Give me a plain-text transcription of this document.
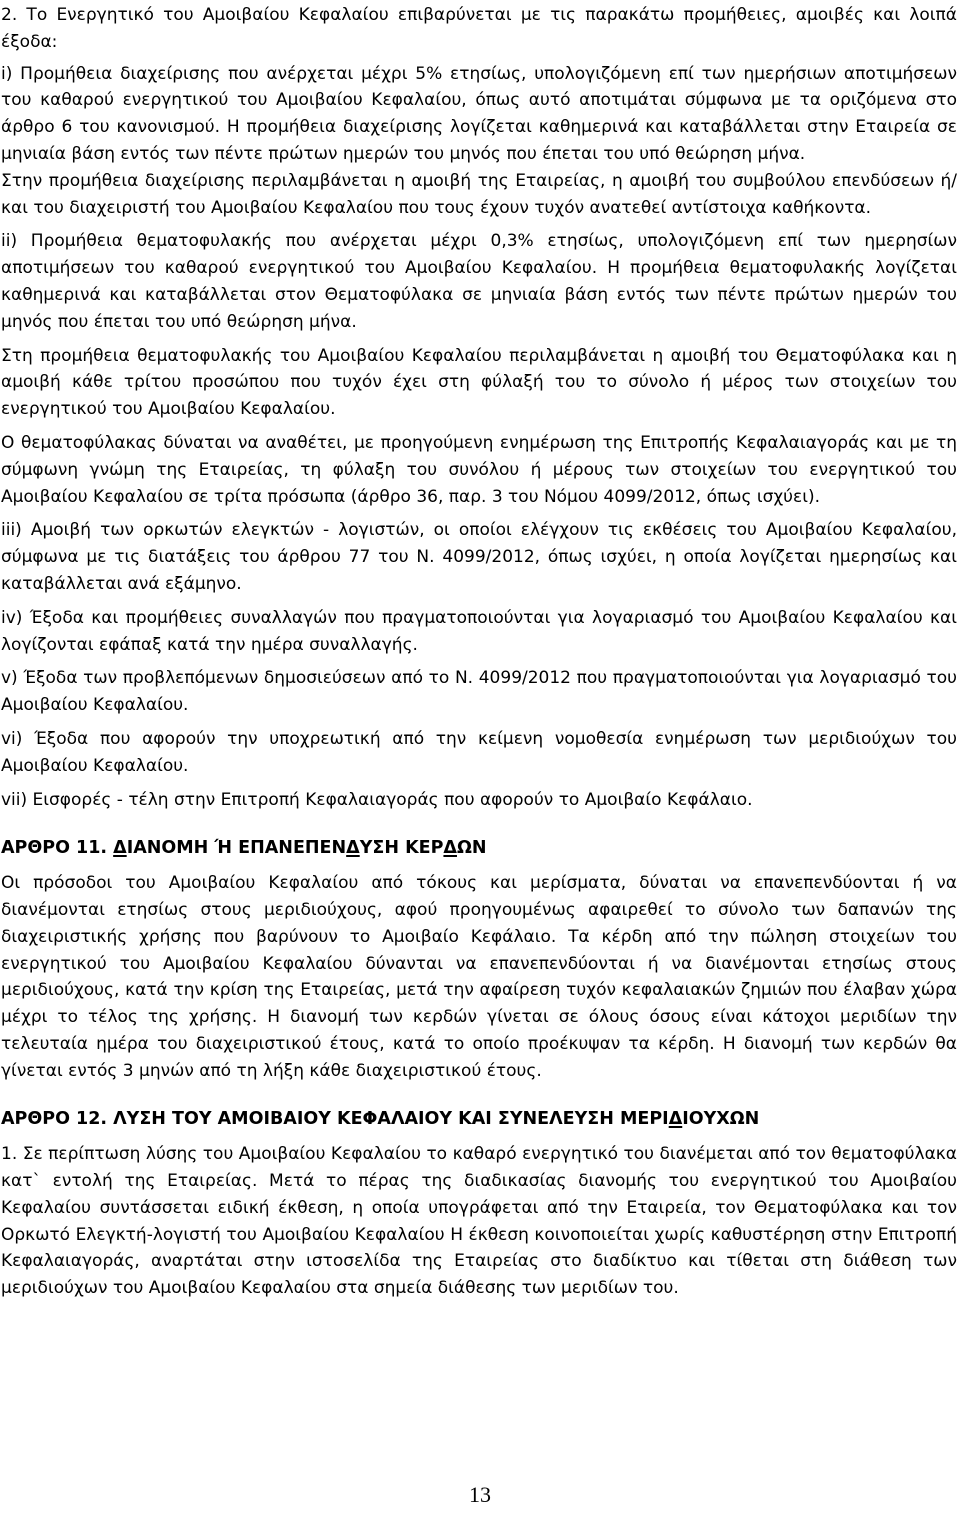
2. Το Ενεργητικό του Αμοιβαίου Κεφαλαίου επιβαρύνεται με τις παρακάτω προμήθειες, αμοιβές και λοιπά έξοδα:

i) Προμήθεια διαχείρισης που ανέρχεται μέχρι 5% ετησίως, υπολογιζόμενη επί των ημερήσιων αποτιμήσεων του καθαρού ενεργητικού του Αμοιβαίου Κεφαλαίου, όπως αυτό αποτιμάται σύμφωνα με τα οριζόμενα στο άρθρο 6 του κανονισμού. Η προμήθεια διαχείρισης λογίζεται καθημερινά και καταβάλλεται στην Εταιρεία σε μηνιαία βάση εντός των πέντε πρώτων ημερών του μηνός που έπεται του υπό θεώρηση μήνα.

Στην προμήθεια διαχείρισης περιλαμβάνεται η αμοιβή της Εταιρείας, η αμοιβή του συμβούλου επενδύσεων ή/και του διαχειριστή του Αμοιβαίου Κεφαλαίου που τους έχουν τυχόν ανατεθεί αντίστοιχα καθήκοντα.

ii) Προμήθεια θεματοφυλακής που ανέρχεται μέχρι 0,3% ετησίως, υπολογιζόμενη επί των ημερησίων αποτιμήσεων του καθαρού ενεργητικού του Αμοιβαίου Κεφαλαίου. Η προμήθεια θεματοφυλακής λογίζεται καθημερινά και καταβάλλεται στον Θεματοφύλακα σε μηνιαία βάση εντός των πέντε πρώτων ημερών του μηνός που έπεται του υπό θεώρηση μήνα.

Στη προμήθεια θεματοφυλακής του Αμοιβαίου Κεφαλαίου περιλαμβάνεται η αμοιβή του Θεματοφύλακα και η αμοιβή κάθε τρίτου προσώπου που τυχόν έχει στη φύλαξή του το σύνολο ή μέρος των στοιχείων του ενεργητικού του Αμοιβαίου Κεφαλαίου.

Ο θεματοφύλακας δύναται να αναθέτει, με προηγούμενη ενημέρωση της Επιτροπής Κεφαλαιαγοράς και με τη σύμφωνη γνώμη της Εταιρείας, τη φύλαξη του συνόλου ή μέρους των στοιχείων του ενεργητικού του Αμοιβαίου Κεφαλαίου σε τρίτα πρόσωπα (άρθρο 36, παρ. 3 του Νόμου 4099/2012, όπως ισχύει).

iii) Αμοιβή των ορκωτών ελεγκτών - λογιστών, οι οποίοι ελέγχουν τις εκθέσεις του Αμοιβαίου Κεφαλαίου, σύμφωνα με τις διατάξεις του άρθρου 77 του Ν. 4099/2012, όπως ισχύει, η οποία λογίζεται ημερησίως και καταβάλλεται ανά εξάμηνο.

iv) Έξοδα και προμήθειες συναλλαγών που πραγματοποιούνται για λογαριασμό του Αμοιβαίου Κεφαλαίου και λογίζονται εφάπαξ κατά την ημέρα συναλλαγής.

v) Έξοδα των προβλεπόμενων δημοσιεύσεων από το Ν. 4099/2012 που πραγματοποιούνται για λογαριασμό του Αμοιβαίου Κεφαλαίου.

vi) Έξοδα που αφορούν την υποχρεωτική από την κείμενη νομοθεσία ενημέρωση των μεριδιούχων του Αμοιβαίου Κεφαλαίου.

vii) Εισφορές - τέλη στην Επιτροπή Κεφαλαιαγοράς που αφορούν το Αμοιβαίο Κεφάλαιο.

ΑΡΘΡΟ 11. ΔΙΑΝΟΜΗ Ή ΕΠΑΝΕΠΕΝΔΥΣΗ ΚΕΡΔΩΝ

Οι πρόσοδοι του Αμοιβαίου Κεφαλαίου από τόκους και μερίσματα, δύναται να επανεπενδύονται ή να διανέμονται ετησίως στους μεριδιούχους, αφού προηγουμένως αφαιρεθεί το σύνολο των δαπανών της διαχειριστικής χρήσης που βαρύνουν το Αμοιβαίο Κεφάλαιο. Τα κέρδη από την πώληση στοιχείων του ενεργητικού του Αμοιβαίου Κεφαλαίου δύνανται να επανεπενδύονται ή να διανέμονται ετησίως στους μεριδιούχους, κατά την κρίση της Εταιρείας, μετά την αφαίρεση τυχόν κεφαλαιακών ζημιών που έλαβαν χώρα μέχρι το τέλος της χρήσης. Η διανομή των κερδών γίνεται σε όλους όσους είναι κάτοχοι μεριδίων την τελευταία ημέρα του διαχειριστικού έτους, κατά το οποίο προέκυψαν τα κέρδη. Η διανομή των κερδών θα γίνεται εντός 3 μηνών από τη λήξη κάθε διαχειριστικού έτους.

ΑΡΘΡΟ 12. ΛΥΣΗ ΤΟΥ ΑΜΟΙΒΑΙΟΥ ΚΕΦΑΛΑΙΟΥ ΚΑΙ ΣΥΝΕΛΕΥΣΗ ΜΕΡΙΔΙΟΥΧΩΝ

1. Σε περίπτωση λύσης του Αμοιβαίου Κεφαλαίου το καθαρό ενεργητικό του διανέμεται από τον θεματοφύλακα κατ` εντολή της Εταιρείας. Μετά το πέρας της διαδικασίας διανομής του ενεργητικού του Αμοιβαίου Κεφαλαίου συντάσσεται ειδική έκθεση, η οποία υπογράφεται από την Εταιρεία, τον Θεματοφύλακα και τον Ορκωτό Ελεγκτή-λογιστή του Αμοιβαίου Κεφαλαίου Η έκθεση κοινοποιείται χωρίς καθυστέρηση στην Επιτροπή Κεφαλαιαγοράς, αναρτάται στην ιστοσελίδα της Εταιρείας στο διαδίκτυο και τίθεται στη διάθεση των μεριδιούχων του Αμοιβαίου Κεφαλαίου στα σημεία διάθεσης των μεριδίων του.

13
